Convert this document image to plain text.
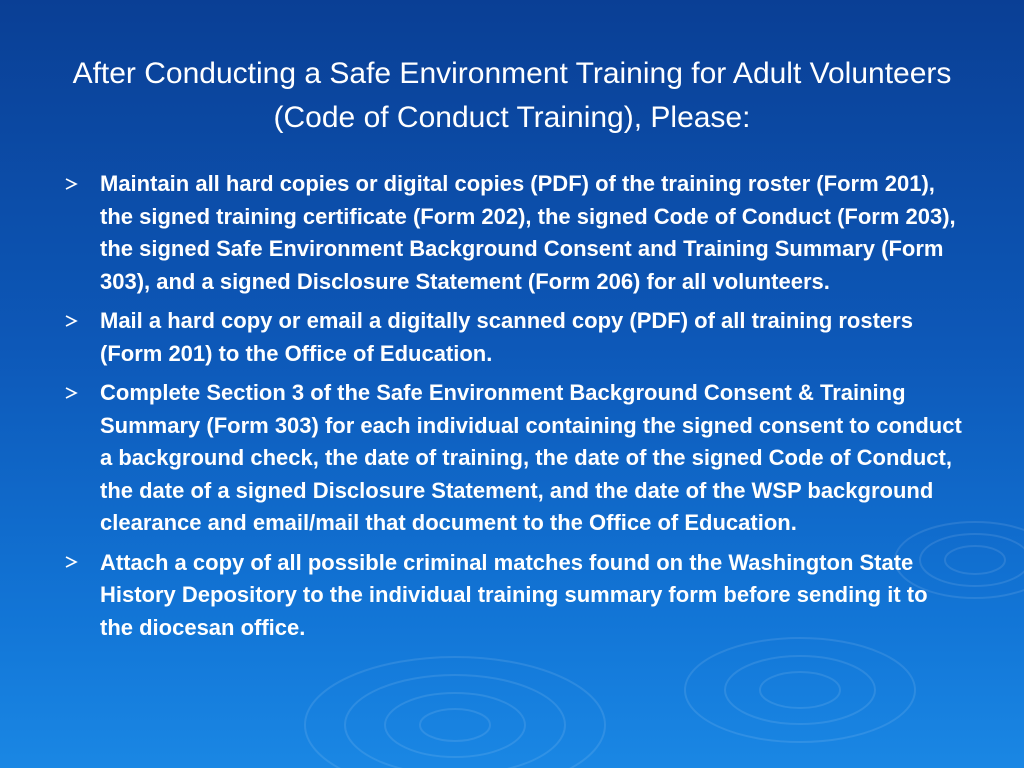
After Conducting a Safe Environment Training for Adult Volunteers (Code of Conduct Training), Please:
Maintain all hard copies or digital copies (PDF) of the training roster (Form 201), the signed training certificate (Form 202), the signed Code of Conduct (Form 203), the signed Safe Environment Background Consent and Training Summary (Form 303), and a signed Disclosure Statement (Form 206) for all volunteers.
Mail a hard copy or email a digitally scanned copy (PDF) of all training rosters (Form 201) to the Office of Education.
Complete Section 3 of the Safe Environment Background Consent & Training Summary (Form 303) for each individual containing the signed consent to conduct a background check, the date of training, the date of the signed Code of Conduct, the date of a signed Disclosure Statement, and the date of the WSP background clearance and email/mail that document to the Office of Education.
Attach a copy of all possible criminal matches found on the Washington State History Depository to the individual training summary form before sending it to the diocesan office.
